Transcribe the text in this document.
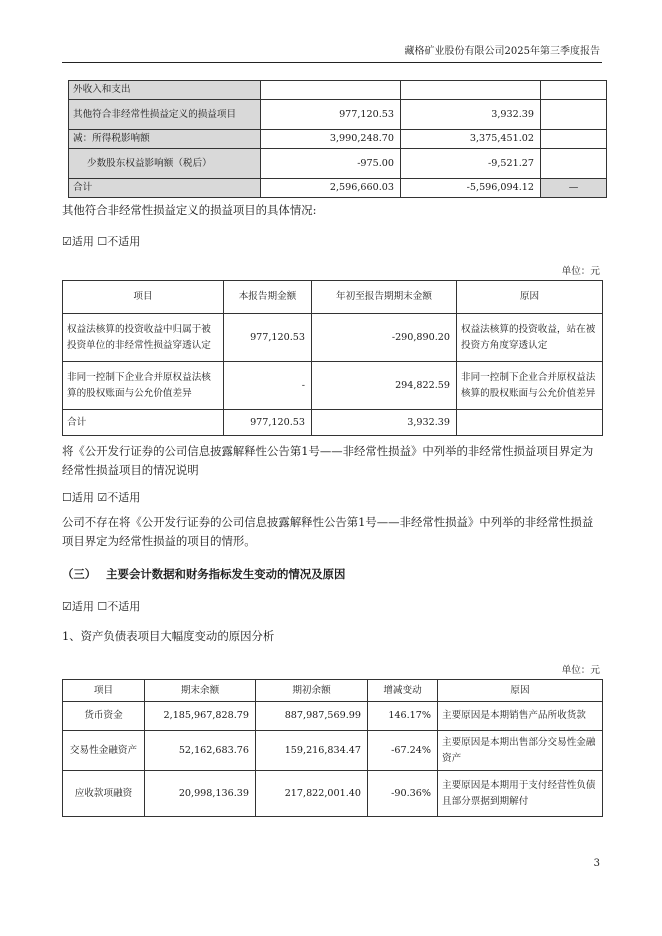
藏格矿业股份有限公司2025年第三季度报告
外收入和支出			
其他符合非经常性损益定义的损益项目	977,120.53	3,932.39	
减：所得税影响额	3,990,248.70	3,375,451.02	
少数股东权益影响额（税后）	-975.00	-9,521.27	
合计	2,596,660.03	-5,596,094.12	—
其他符合非经常性损益定义的损益项目的具体情况:
☑适用 ☐不适用
单位：元
项目	本报告期金额	年初至报告期期末金额	原因
权益法核算的投资收益中归属于被投资单位的非经常性损益穿透认定	977,120.53	-290,890.20	权益法核算的投资收益，站在被投资方角度穿透认定
非同一控制下企业合并原权益法核算的股权账面与公允价值差异	-	294,822.59	非同一控制下企业合并原权益法核算的股权账面与公允价值差异
合计	977,120.53	3,932.39	
将《公开发行证券的公司信息披露解释性公告第1号——非经常性损益》中列举的非经常性损益项目界定为经常性损益项目的情况说明
☐适用 ☑不适用
公司不存在将《公开发行证券的公司信息披露解释性公告第1号——非经常性损益》中列举的非经常性损益项目界定为经常性损益的项目的情形。
（三） 主要会计数据和财务指标发生变动的情况及原因
☑适用 ☐不适用
1、资产负债表项目大幅度变动的原因分析
单位：元
项目	期末余额	期初余额	增减变动	原因
货币资金	2,185,967,828.79	887,987,569.99	146.17%	主要原因是本期销售产品所收货款
交易性金融资产	52,162,683.76	159,216,834.47	-67.24%	主要原因是本期出售部分交易性金融资产
应收款项融资	20,998,136.39	217,822,001.40	-90.36%	主要原因是本期用于支付经营性负债且部分票据到期解付
3
